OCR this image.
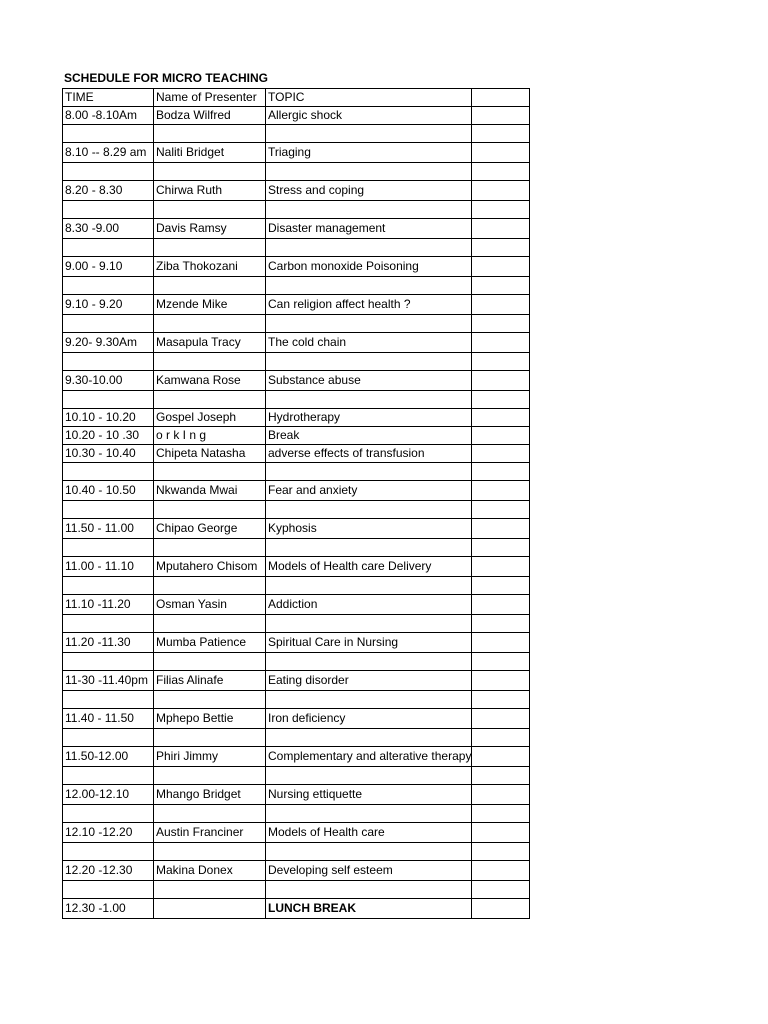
SCHEDULE FOR MICRO TEACHING
TIME	Name of Presenter	TOPIC	
8.00 -8.10Am	Bodza Wilfred	Allergic shock	

8.10 -- 8.29 am	Naliti Bridget	Triaging	

8.20 - 8.30	Chirwa Ruth	Stress and coping	

8.30 -9.00	Davis Ramsy	Disaster management	

9.00 - 9.10	Ziba Thokozani	Carbon monoxide Poisoning	

9.10 - 9.20	Mzende Mike	Can religion affect health ?	

9.20- 9.30Am	Masapula Tracy	The cold chain	

9.30-10.00	Kamwana Rose	Substance abuse	

10.10 - 10.20	Gospel Joseph	Hydrotherapy	
10.20 - 10 .30	o r k I n g	Break	
10.30 - 10.40	Chipeta Natasha	adverse effects of transfusion	

10.40 - 10.50	Nkwanda Mwai	Fear and anxiety	

11.50 - 11.00	Chipao George	Kyphosis	

11.00 - 11.10	Mputahero Chisom	Models of Health care Delivery	

11.10 -11.20	Osman Yasin	Addiction	

11.20 -11.30	Mumba Patience	Spiritual Care in Nursing	

11-30 -11.40pm	Filias Alinafe	Eating disorder	

11.40 - 11.50	Mphepo Bettie	Iron deficiency	

11.50-12.00	Phiri Jimmy	Complementary and alterative therapy	

12.00-12.10	Mhango Bridget	Nursing ettiquette	

12.10 -12.20	Austin Franciner	Models of Health care	

12.20 -12.30	Makina Donex	Developing self esteem	

12.30 -1.00		LUNCH BREAK	
